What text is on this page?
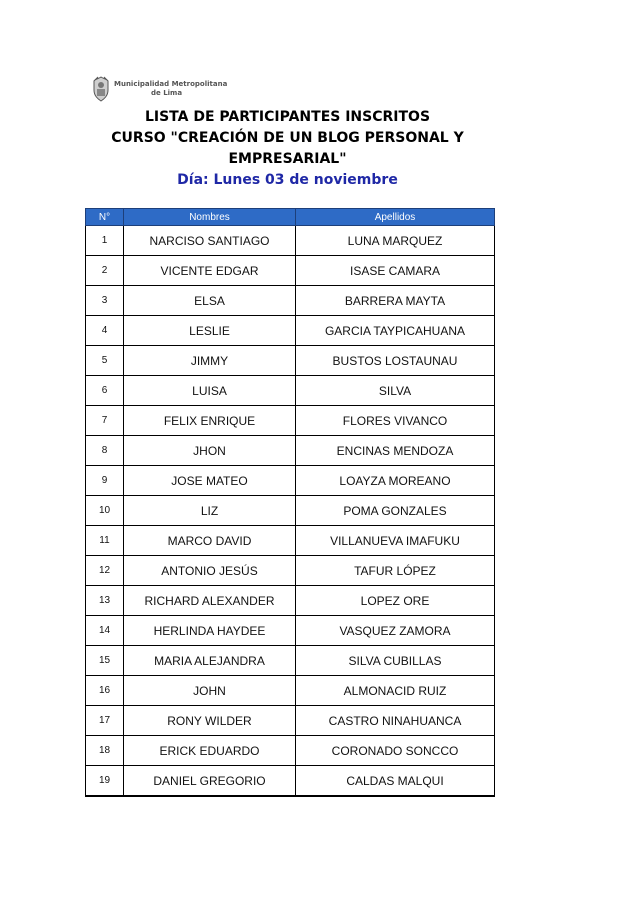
Municipalidad Metropolitana
de Lima
LISTA DE PARTICIPANTES INSCRITOS
CURSO "CREACIÓN DE UN BLOG PERSONAL Y
EMPRESARIAL"
Día: Lunes 03 de noviembre
N°	Nombres	Apellidos
1	NARCISO SANTIAGO	LUNA MARQUEZ
2	VICENTE EDGAR	ISASE CAMARA
3	ELSA	BARRERA MAYTA
4	LESLIE	GARCIA TAYPICAHUANA
5	JIMMY	BUSTOS LOSTAUNAU
6	LUISA	SILVA
7	FELIX ENRIQUE	FLORES VIVANCO
8	JHON	ENCINAS MENDOZA
9	JOSE MATEO	LOAYZA MOREANO
10	LIZ	POMA GONZALES
11	MARCO DAVID	VILLANUEVA IMAFUKU
12	ANTONIO JESÚS	TAFUR LÓPEZ
13	RICHARD ALEXANDER	LOPEZ ORE
14	HERLINDA HAYDEE	VASQUEZ ZAMORA
15	MARIA ALEJANDRA	SILVA CUBILLAS
16	JOHN	ALMONACID RUIZ
17	RONY WILDER	CASTRO NINAHUANCA
18	ERICK EDUARDO	CORONADO SONCCO
19	DANIEL GREGORIO	CALDAS MALQUI
